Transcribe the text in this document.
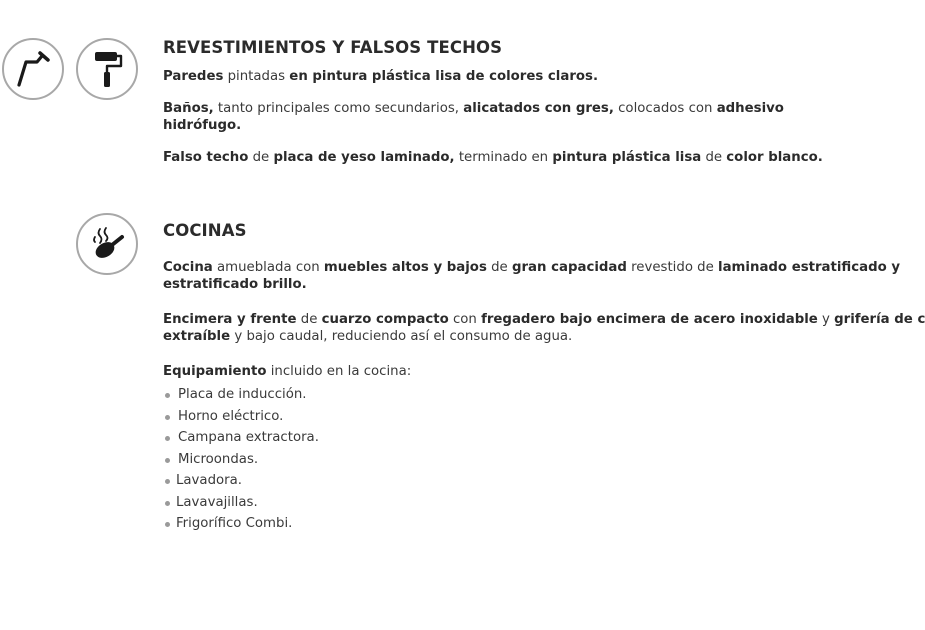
REVESTIMIENTOS Y FALSOS TECHOS

Paredes pintadas en pintura plástica lisa de colores claros.

Baños, tanto principales como secundarios, alicatados con gres, colocados con adhesivo hidrófugo.

Falso techo de placa de yeso laminado, terminado en pintura plástica lisa de color blanco.

COCINAS

Cocina amueblada con muebles altos y bajos de gran capacidad revestido de laminado estratificado y
estratificado brillo.

Encimera y frente de cuarzo compacto con fregadero bajo encimera de acero inoxidable y grifería de c
extraíble y bajo caudal, reduciendo así el consumo de agua.

Equipamiento incluido en la cocina:

Placa de inducción.
Horno eléctrico.
Campana extractora.
Microondas.
Lavadora.
Lavavajillas.
Frigorífico Combi.
